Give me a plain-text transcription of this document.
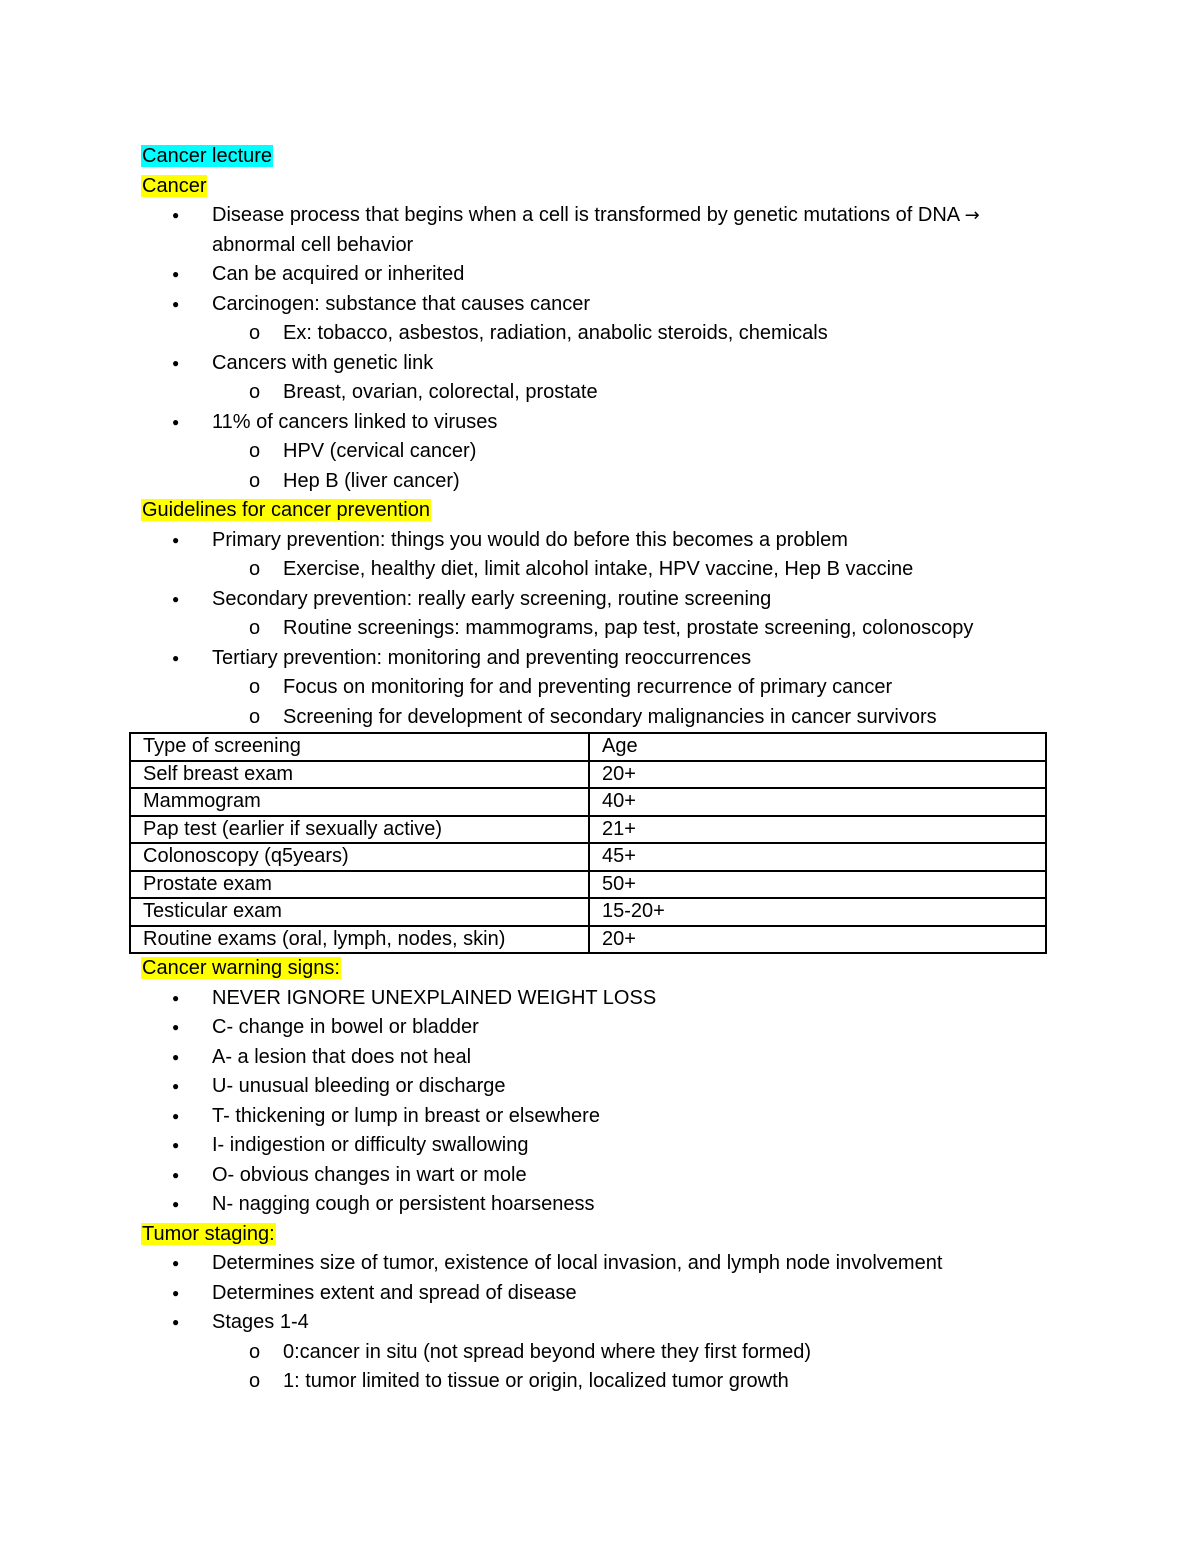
Cancer lecture
Cancer
● Disease process that begins when a cell is transformed by genetic mutations of DNA →
abnormal cell behavior
● Can be acquired or inherited
● Carcinogen: substance that causes cancer
o Ex: tobacco, asbestos, radiation, anabolic steroids, chemicals
● Cancers with genetic link
o Breast, ovarian, colorectal, prostate
● 11% of cancers linked to viruses
o HPV (cervical cancer)
o Hep B (liver cancer)
Guidelines for cancer prevention
● Primary prevention: things you would do before this becomes a problem
o Exercise, healthy diet, limit alcohol intake, HPV vaccine, Hep B vaccine
● Secondary prevention: really early screening, routine screening
o Routine screenings: mammograms, pap test, prostate screening, colonoscopy
● Tertiary prevention: monitoring and preventing reoccurrences
o Focus on monitoring for and preventing recurrence of primary cancer
o Screening for development of secondary malignancies in cancer survivors
Type of screening	Age
Self breast exam	20+
Mammogram	40+
Pap test (earlier if sexually active)	21+
Colonoscopy (q5years)	45+
Prostate exam	50+
Testicular exam	15-20+
Routine exams (oral, lymph, nodes, skin)	20+
Cancer warning signs:
● NEVER IGNORE UNEXPLAINED WEIGHT LOSS
● C- change in bowel or bladder
● A- a lesion that does not heal
● U- unusual bleeding or discharge
● T- thickening or lump in breast or elsewhere
● I- indigestion or difficulty swallowing
● O- obvious changes in wart or mole
● N- nagging cough or persistent hoarseness
Tumor staging:
● Determines size of tumor, existence of local invasion, and lymph node involvement
● Determines extent and spread of disease
● Stages 1-4
o 0:cancer in situ (not spread beyond where they first formed)
o 1: tumor limited to tissue or origin, localized tumor growth
